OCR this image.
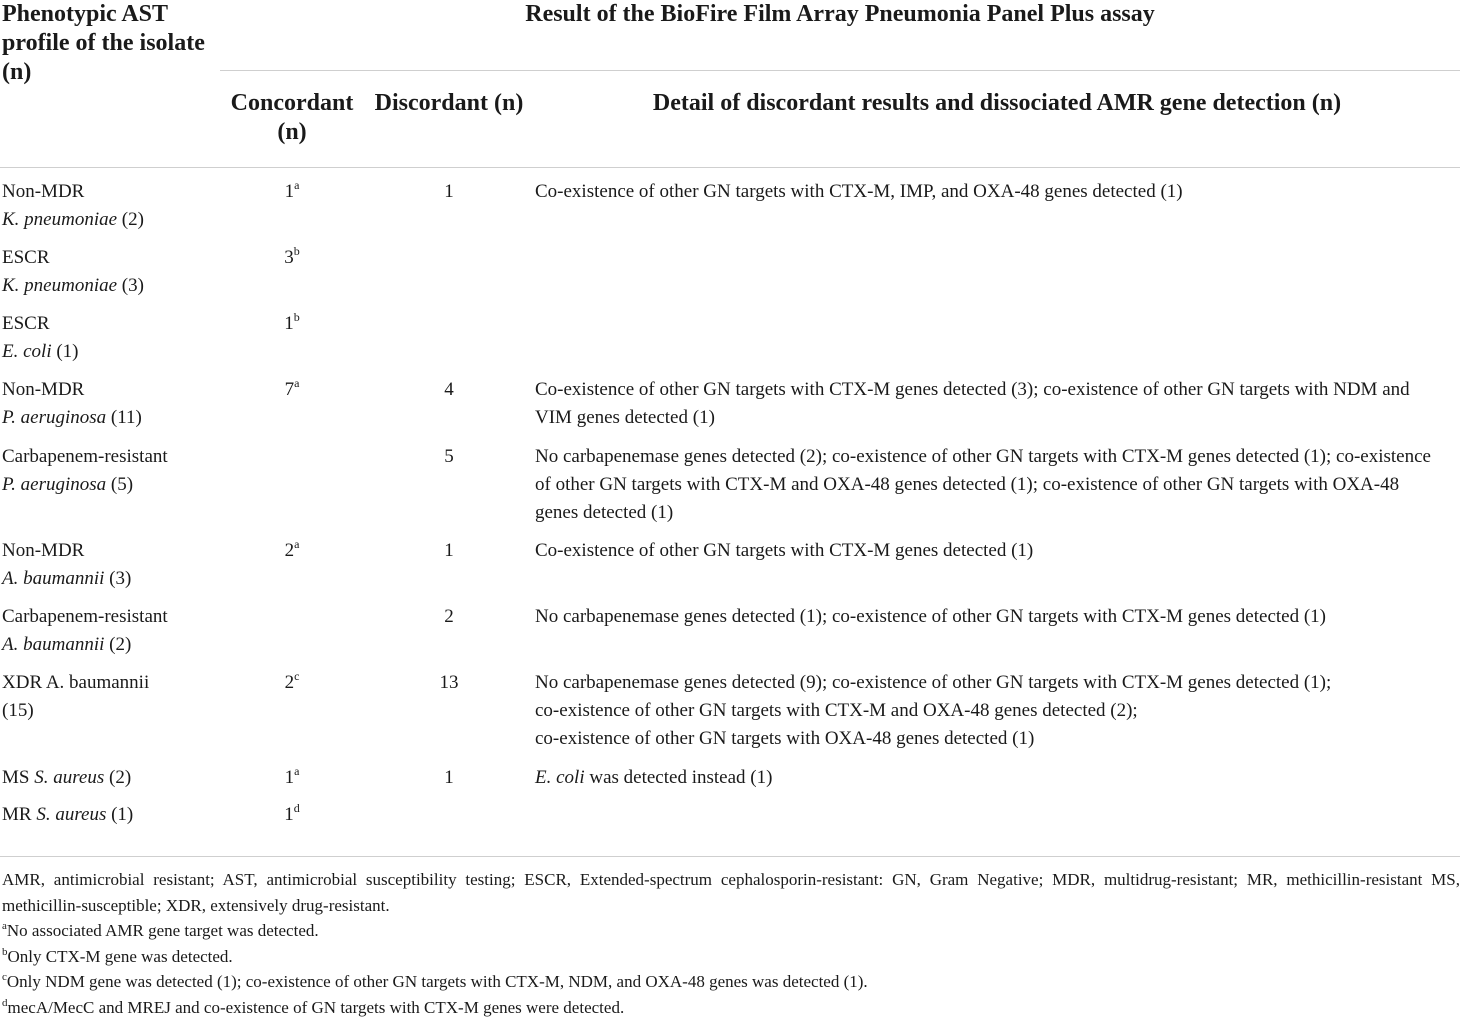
Phenotypic AST profile of the isolate (n)	Result of the BioFire Film Array Pneumonia Panel Plus assay		
	Concordant (n)	Discordant (n)	Detail of discordant results and dissociated AMR gene detection (n)

Non-MDR
K. pneumoniae (2)	1$^a$	1	Co-existence of other GN targets with CTX-M, IMP, and OXA-48 genes detected (1)
ESCR
K. pneumoniae (3)	3$^b$		
ESCR
E. coli (1)	1$^b$		
Non-MDR
P. aeruginosa (11)	7$^a$	4	Co-existence of other GN targets with CTX-M genes detected (3); co-existence of other GN targets with NDM and VIM genes detected (1)
Carbapenem-resistant
P. aeruginosa (5)		5	No carbapenemase genes detected (2); co-existence of other GN targets with CTX-M genes detected (1); co-existence of other GN targets with CTX-M and OXA-48 genes detected (1); co-existence of other GN targets with OXA-48 genes detected (1)
Non-MDR
A. baumannii (3)	2$^a$	1	Co-existence of other GN targets with CTX-M genes detected (1)
Carbapenem-resistant
A. baumannii (2)		2	No carbapenemase genes detected (1); co-existence of other GN targets with CTX-M genes detected (1)
XDR A. baumannii
(15)	2$^c$	13	No carbapenemase genes detected (9); co-existence of other GN targets with CTX-M genes detected (1);
co-existence of other GN targets with CTX-M and OXA-48 genes detected (2);
co-existence of other GN targets with OXA-48 genes detected (1)
MS S. aureus (2)	1$^a$	1	E. coli was detected instead (1)
MR S. aureus (1)	1$^d$		

AMR, antimicrobial resistant; AST, antimicrobial susceptibility testing; ESCR, Extended-spectrum cephalosporin-resistant: GN, Gram Negative; MDR, multidrug-resistant; MR, methicillin-resistant MS, methicillin-susceptible; XDR, extensively drug-resistant.

$^a$No associated AMR gene target was detected.

$^b$Only CTX-M gene was detected.

$^c$Only NDM gene was detected (1); co-existence of other GN targets with CTX-M, NDM, and OXA-48 genes was detected (1).

$^d$mecA/MecC and MREJ and co-existence of GN targets with CTX-M genes were detected.
